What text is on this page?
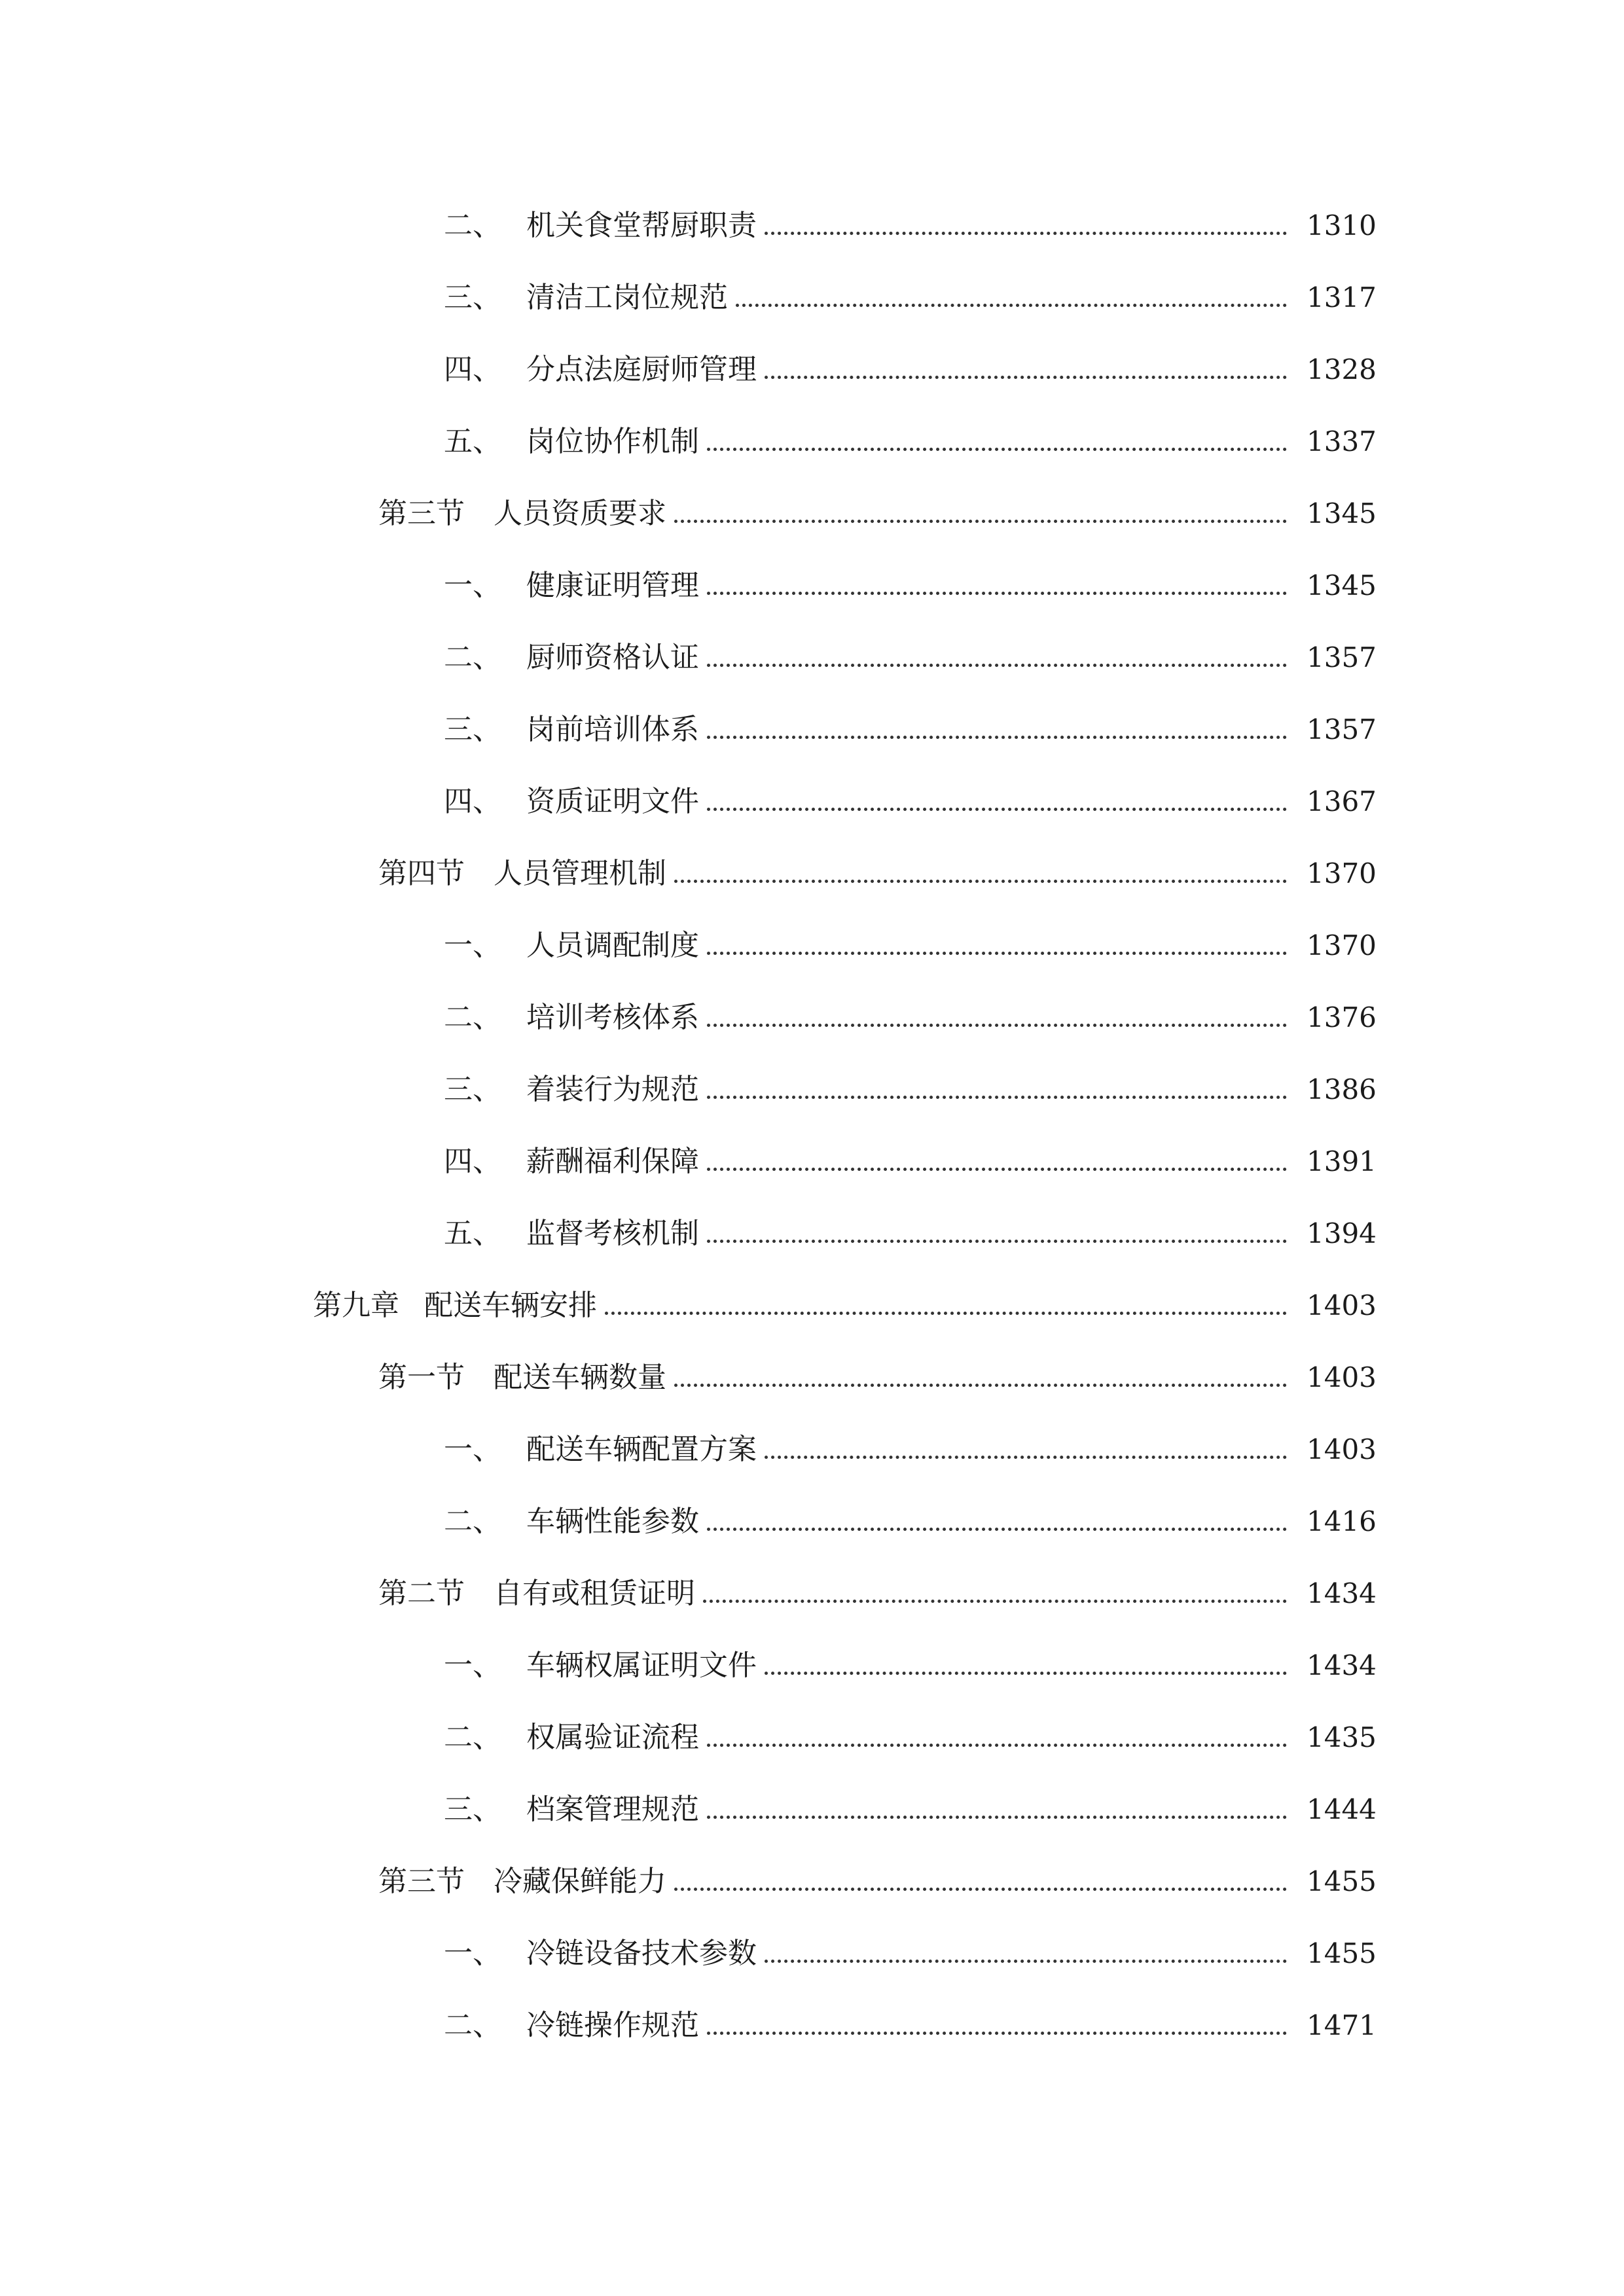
二、 机关食堂帮厨职责	1310
三、 清洁工岗位规范	1317
四、 分点法庭厨师管理	1328
五、 岗位协作机制	1337
第三节	人员资质要求	1345
一、 健康证明管理	1345
二、 厨师资格认证	1357
三、 岗前培训体系	1357
四、 资质证明文件	1367
第四节	人员管理机制	1370
一、 人员调配制度	1370
二、 培训考核体系	1376
三、 着装行为规范	1386
四、 薪酬福利保障	1391
五、 监督考核机制	1394
第九章 配送车辆安排	1403
第一节	配送车辆数量	1403
一、 配送车辆配置方案	1403
二、 车辆性能参数	1416
第二节	自有或租赁证明	1434
一、 车辆权属证明文件	1434
二、 权属验证流程	1435
三、 档案管理规范	1444
第三节	冷藏保鲜能力	1455
一、 冷链设备技术参数	1455
二、 冷链操作规范	1471
